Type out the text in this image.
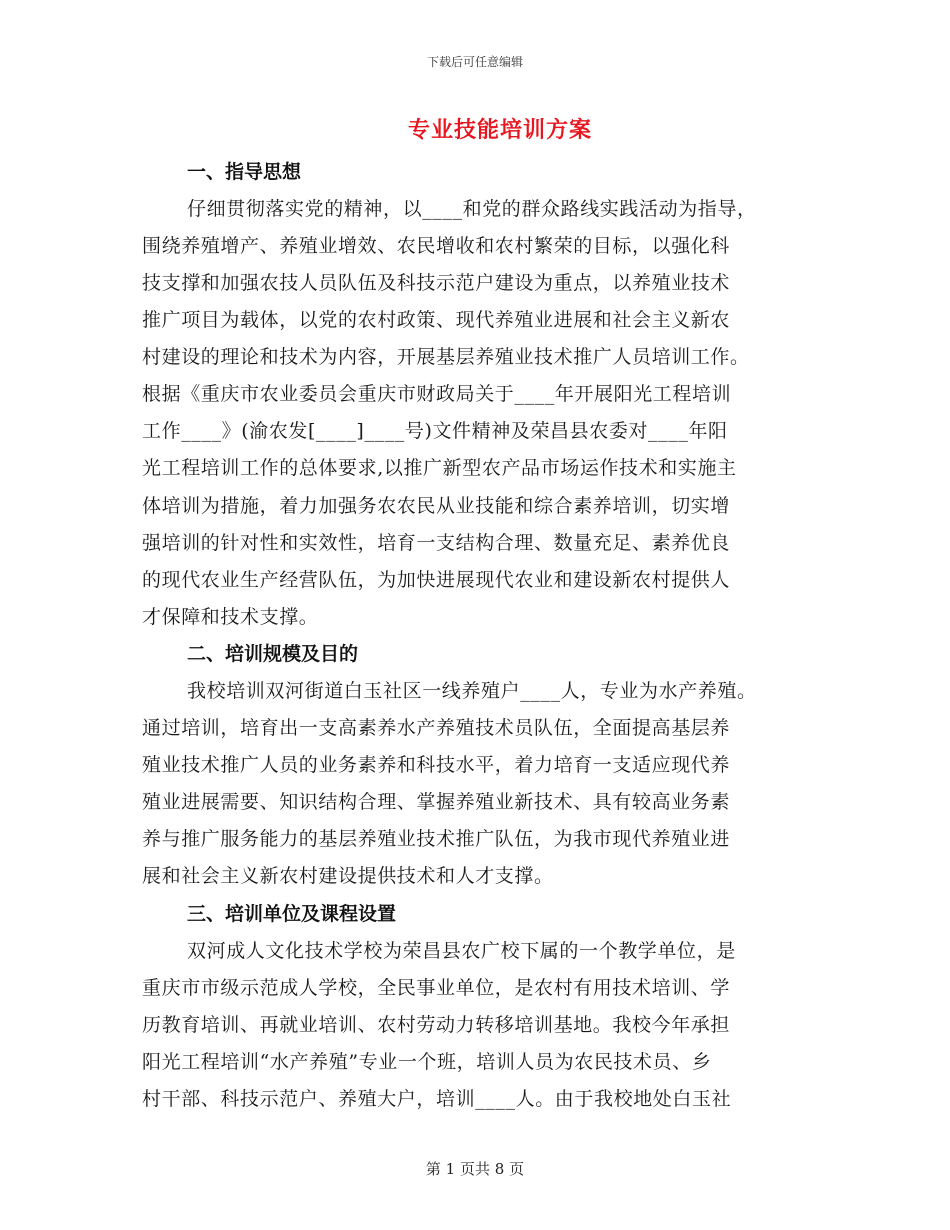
下载后可任意编辑
专业技能培训方案
一、指导思想
仔细贯彻落实党的精神，以____和党的群众路线实践活动为指导，
围绕养殖增产、养殖业增效、农民增收和农村繁荣的目标，以强化科
技支撑和加强农技人员队伍及科技示范户建设为重点，以养殖业技术
推广项目为载体，以党的农村政策、现代养殖业进展和社会主义新农
村建设的理论和技术为内容，开展基层养殖业技术推广人员培训工作。
根据《重庆市农业委员会重庆市财政局关于____年开展阳光工程培训
工作____》(渝农发[____]____号)文件精神及荣昌县农委对____年阳
光工程培训工作的总体要求,以推广新型农产品市场运作技术和实施主
体培训为措施，着力加强务农农民从业技能和综合素养培训，切实增
强培训的针对性和实效性，培育一支结构合理、数量充足、素养优良
的现代农业生产经营队伍，为加快进展现代农业和建设新农村提供人
才保障和技术支撑。
二、培训规模及目的
我校培训双河街道白玉社区一线养殖户____人，专业为水产养殖。
通过培训，培育出一支高素养水产养殖技术员队伍，全面提高基层养
殖业技术推广人员的业务素养和科技水平，着力培育一支适应现代养
殖业进展需要、知识结构合理、掌握养殖业新技术、具有较高业务素
养与推广服务能力的基层养殖业技术推广队伍，为我市现代养殖业进
展和社会主义新农村建设提供技术和人才支撑。
三、培训单位及课程设置
双河成人文化技术学校为荣昌县农广校下属的一个教学单位，是
重庆市市级示范成人学校，全民事业单位，是农村有用技术培训、学
历教育培训、再就业培训、农村劳动力转移培训基地。我校今年承担
阳光工程培训“水产养殖”专业一个班，培训人员为农民技术员、乡
村干部、科技示范户、养殖大户，培训____人。由于我校地处白玉社
第 1 页共 8 页
